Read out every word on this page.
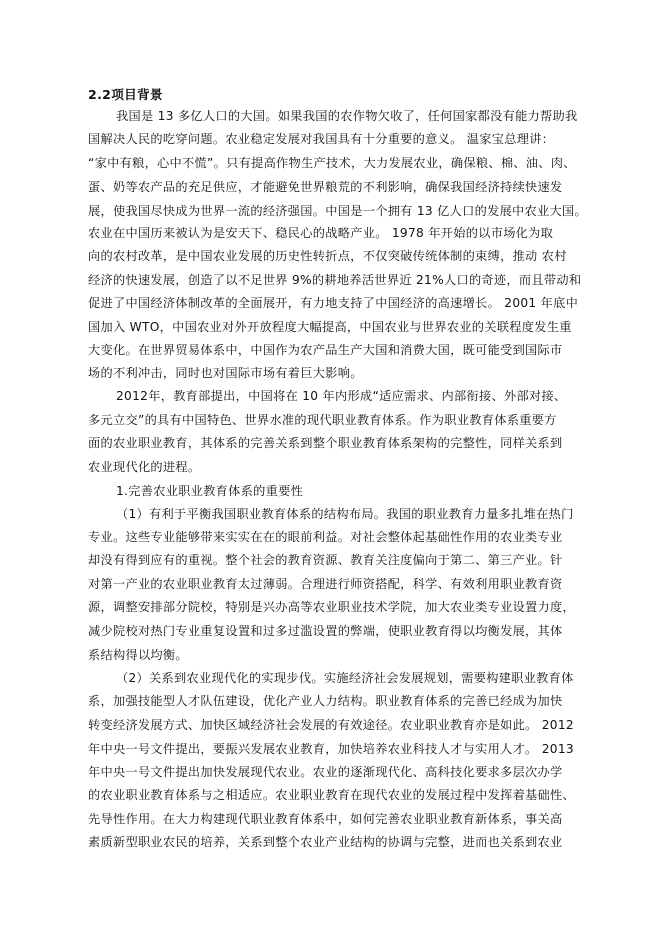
2.2项目背景
我国是 13 多亿人口的大国。如果我国的农作物欠收了，任何国家都没有能力帮助我
国解决人民的吃穿问题。农业稳定发展对我国具有十分重要的意义。 温家宝总理讲：
“家中有粮，心中不慌”。只有提高作物生产技术，大力发展农业，确保粮、棉、油、肉、
蛋、奶等农产品的充足供应，才能避免世界粮荒的不利影响，确保我国经济持续快速发
展，使我国尽快成为世界一流的经济强国。中国是一个拥有 13 亿人口的发展中农业大国。
农业在中国历来被认为是安天下、稳民心的战略产业。 1978 年开始的以市场化为取
向的农村改革，是中国农业发展的历史性转折点，不仅突破传统体制的束缚，推动 农村
经济的快速发展，创造了以不足世界 9%的耕地养活世界近 21%人口的奇迹，而且带动和
促进了中国经济体制改革的全面展开，有力地支持了中国经济的高速增长。 2001 年底中
国加入 WTO，中国农业对外开放程度大幅提高，中国农业与世界农业的关联程度发生重
大变化。在世界贸易体系中，中国作为农产品生产大国和消费大国，既可能受到国际市
场的不利冲击，同时也对国际市场有着巨大影响。
2012年，教育部提出，中国将在 10 年内形成“适应需求、内部衔接、外部对接、
多元立交”的具有中国特色、世界水准的现代职业教育体系。作为职业教育体系重要方
面的农业职业教育，其体系的完善关系到整个职业教育体系架构的完整性，同样关系到
农业现代化的进程。
1.完善农业职业教育体系的重要性
（1）有利于平衡我国职业教育体系的结构布局。我国的职业教育力量多扎堆在热门
专业。这些专业能够带来实实在在的眼前利益。对社会整体起基础性作用的农业类专业
却没有得到应有的重视。整个社会的教育资源、教育关注度偏向于第二、第三产业。针
对第一产业的农业职业教育太过薄弱。合理进行师资搭配，科学、有效利用职业教育资
源，调整安排部分院校，特别是兴办高等农业职业技术学院，加大农业类专业设置力度，
减少院校对热门专业重复设置和过多过滥设置的弊端，使职业教育得以均衡发展，其体
系结构得以均衡。
（2）关系到农业现代化的实现步伐。实施经济社会发展规划，需要构建职业教育体
系，加强技能型人才队伍建设，优化产业人力结构。职业教育体系的完善已经成为加快
转变经济发展方式、加快区域经济社会发展的有效途径。农业职业教育亦是如此。 2012
年中央一号文件提出，要振兴发展农业教育，加快培养农业科技人才与实用人才。 2013
年中央一号文件提出加快发展现代农业。农业的逐渐现代化、高科技化要求多层次办学
的农业职业教育体系与之相适应。农业职业教育在现代农业的发展过程中发挥着基础性、
先导性作用。在大力构建现代职业教育体系中，如何完善农业职业教育新体系，事关高
素质新型职业农民的培养，关系到整个农业产业结构的协调与完整，进而也关系到农业
